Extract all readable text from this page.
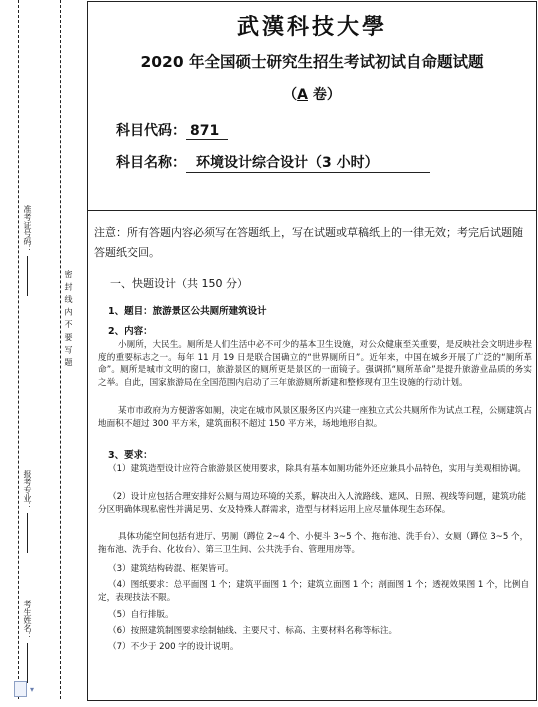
考生姓名：
报考专业：
准考证号码：
密 封 线 内 不 要 写 题
▾
武漢科技大學
2020 年全国硕士研究生招生考试初试自命题试题
（A 卷）
科目代码： 871
科目名称： 环境设计综合设计（3 小时）
注意：所有答题内容必须写在答题纸上，写在试题或草稿纸上的一律无效；考完后试题随答题纸交回。
一、快题设计（共 150 分）
1、题目：旅游景区公共厕所建筑设计
2、内容：
小厕所，大民生。厕所是人们生活中必不可少的基本卫生设施，对公众健康至关重要，是反映社会文明进步程度的重要标志之一。每年 11 月 19 日是联合国确立的“世界厕所日”。近年来，中国在城乡开展了广泛的“厕所革命”。厕所是城市文明的窗口，旅游景区的厕所更是景区的一面镜子。强调抓“厕所革命”是提升旅游业品质的务实之举。自此，国家旅游局在全国范围内启动了三年旅游厕所新建和整修现有卫生设施的行动计划。
某市市政府为方便游客如厕，决定在城市风景区服务区内兴建一座独立式公共厕所作为试点工程，公厕建筑占地面积不超过 300 平方米，建筑面积不超过 150 平方米，场地地形自拟。
3、要求：
（1）建筑造型设计应符合旅游景区使用要求，除具有基本如厕功能外还应兼具小品特色，实用与美观相协调。
（2）设计应包括合理安排好公厕与周边环境的关系，解决出入人流路线、遮风、日照、视线等问题，建筑功能分区明确体现私密性并满足男、女及特殊人群需求，造型与材料运用上应尽量体现生态环保。
具体功能空间包括有进厅、男厕（蹲位 2~4 个、小便斗 3~5 个、拖布池、洗手台）、女厕（蹲位 3~5 个，拖布池、洗手台、化妆台）、第三卫生间、公共洗手台、管理用房等。
（3）建筑结构砖混、框架皆可。
（4）图纸要求：总平面图 1 个；建筑平面图 1 个；建筑立面图 1 个；剖面图 1 个；透视效果图 1 个，比例自定，表现技法不限。
（5）自行排版。
（6）按照建筑制图要求绘制轴线、主要尺寸、标高、主要材料名称等标注。
（7）不少于 200 字的设计说明。
